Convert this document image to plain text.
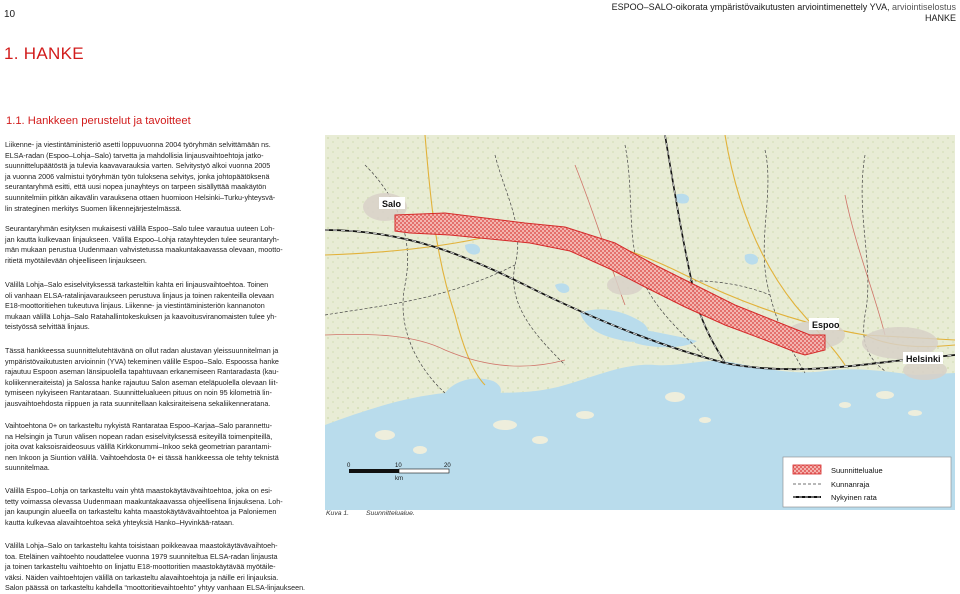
10
ESPOO–SALO-oikorata ympäristövaikutusten arviointimenettely YVA, arviointiselostus
HANKE
1. HANKE
1.1. Hankkeen perustelut ja tavoitteet
Liikenne- ja viestintäministeriö asetti loppuvuonna 2004 työryhmän selvittämään ns.
ELSA-radan (Espoo–Lohja–Salo) tarvetta ja mahdollisia linjausvaihtoehtoja jatko-
suunnittelupäätöstä ja tulevia kaavavarauksia varten. Selvitystyö alkoi vuonna 2005
ja vuonna 2006 valmistui työryhmän työn tuloksena selvitys, jonka johtopäätöksenä
seurantaryhmä esitti, että uusi nopea junayhteys on tarpeen sisällyttää maakäytön
suunnitelmiin pitkän aikavälin varauksena ottaen huomioon Helsinki–Turku-yhteysvä-
lin strateginen merkitys Suomen liikennejärjestelmässä.
Seurantaryhmän esityksen mukaisesti välillä Espoo–Salo tulee varautua uuteen Loh-
jan kautta kulkevaan linjaukseen. Välillä Espoo–Lohja ratayhteyden tulee seurantaryh-
män mukaan perustua Uudenmaan vahvistetussa maakuntakaavassa olevaan, mootto-
ritietä myötäilevään ohjeelliseen linjaukseen.
Välillä Lohja–Salo esiselvityksessä tarkasteltiin kahta eri linjausvaihtoehtoa. Toinen
oli vanhaan ELSA-ratalinjavaraukseen perustuva linjaus ja toinen rakenteilla olevaan
E18-moottoritiehen tukeutuva linjaus. Liikenne- ja viestintäministeriön kannanoton
mukaan välillä Lohja–Salo Ratahallintokeskuksen ja kaavoitusviranomaisten tulee yh-
teistyössä selvittää linjaus.
Tässä hankkeessa suunnittelutehtävänä on ollut radan alustavan yleissuunnitelman ja
ympäristövaikutusten arvioinnin (YVA) tekeminen välille Espoo–Salo. Espoossa hanke
rajautuu Espoon aseman länsipuolella tapahtuvaan erkanemiseen Rantaradasta (kau-
koliikenneraiteista) ja Salossa hanke rajautuu Salon aseman eteläpuolella olevaan liit-
tymiseen nykyiseen Rantarataan. Suunnittelualueen pituus on noin 95 kilometriä lin-
jausvaihtoehdosta riippuen ja rata suunnitellaan kaksiraiteisena sekaliikenneratana.
Vaihtoehtona 0+ on tarkasteltu nykyistä Rantarataa Espoo–Karjaa–Salo parannettu-
na Helsingin ja Turun välisen nopean radan esiselvityksessä esiteyillä toimenpiteillä,
joita ovat kaksoisraideosuus välillä Kirkkonummi–Inkoo sekä geometrian parantami-
nen Inkoon ja Siuntion välillä. Vaihtoehdosta 0+ ei tässä hankkeessa ole tehty teknistä
suunnitelmaa.
Välillä Espoo–Lohja on tarkasteltu vain yhtä maastokäytävävaihtoehtoa, joka on esi-
tetty voimassa olevassa Uudenmaan maakuntakaavassa ohjeellisena linjauksena. Loh-
jan kaupungin alueella on tarkasteltu kahta maastokäytävävaihtoehtoa ja Paloniemen
kautta kulkevaa alavaihtoehtoa sekä yhteyksiä Hanko–Hyvinkää-rataan.
Välillä Lohja–Salo on tarkasteltu kahta toisistaan poikkeavaa maastokäytävävaihtoeh-
toa. Eteläinen vaihtoehto noudattelee vuonna 1979 suunniteltua ELSA-radan linjausta
ja toinen tarkasteltu vaihtoehto on linjattu E18-moottoritien maastokäytävää myötäile-
väksi. Näiden vaihtoehtojen välillä on tarkasteltu alavaihtoehtoja ja näille eri linjauksia.
Salon päässä on tarkasteltu kahdella “moottoritievaihtoehto” yhtyy vanhaan ELSA-linjaukseen.
Salo
Espoo
Helsinki
0	10	20
km
Suunnittelualue
Kunnanraja
Nykyinen rata
Kuva 1. Suunnittelualue.
